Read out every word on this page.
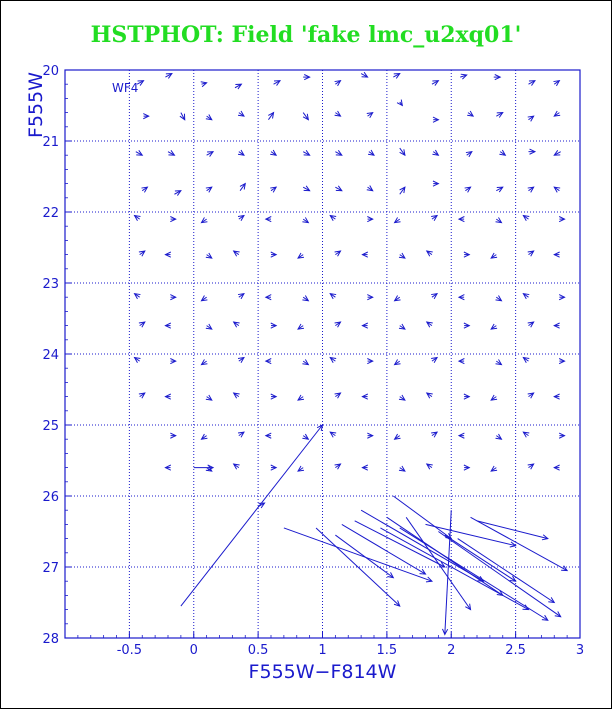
HSTPHOT: Field 'fake lmc_u2xq01'
-0.5	0	0.5	1	1.5	2	2.5	3
20
21
22
23
24
25
26
27
28
WF4
F555W−F814W
F555W
